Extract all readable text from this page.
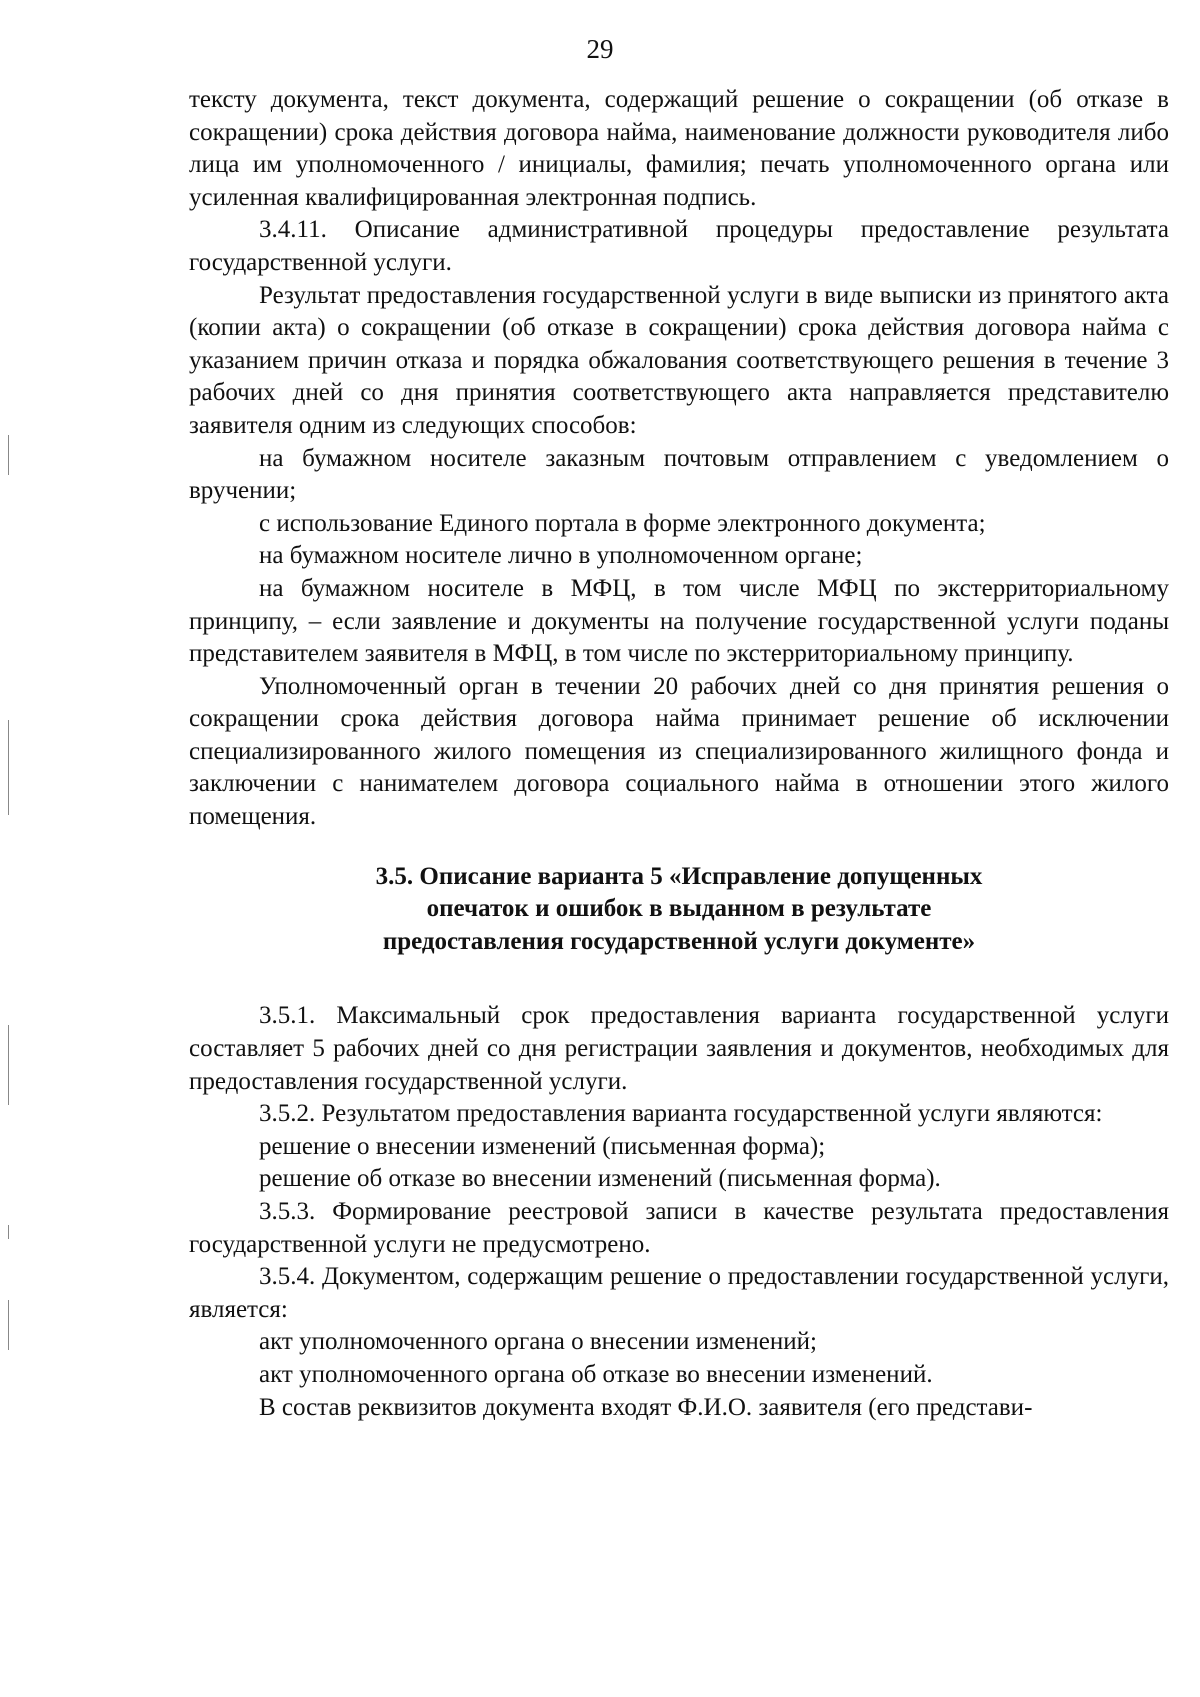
29

тексту документа, текст документа, содержащий решение о сокращении (об отказе в сокращении) срока действия договора найма, наименование должности руководителя либо лица им уполномоченного / инициалы, фамилия; печать уполномоченного органа или усиленная квалифицированная электронная подпись.

3.4.11. Описание административной процедуры предоставление результата государственной услуги.

Результат предоставления государственной услуги в виде выписки из принятого акта (копии акта) о сокращении (об отказе в сокращении) срока действия договора найма с указанием причин отказа и порядка обжалования соответствующего решения в течение 3 рабочих дней со дня принятия соответствующего акта направляется представителю заявителя одним из следующих способов:

на бумажном носителе заказным почтовым отправлением с уведомлением о вручении;

с использование Единого портала в форме электронного документа;

на бумажном носителе лично в уполномоченном органе;

на бумажном носителе в МФЦ, в том числе МФЦ по экстерриториальному принципу, – если заявление и документы на получение государственной услуги поданы представителем заявителя в МФЦ, в том числе по экстерриториальному принципу.

Уполномоченный орган в течении 20 рабочих дней со дня принятия решения о сокращении срока действия договора найма принимает решение об исключении специализированного жилого помещения из специализированного жилищного фонда и заключении с нанимателем договора социального найма в отношении этого жилого помещения.

3.5. Описание варианта 5 «Исправление допущенных
опечаток и ошибок в выданном в результате
предоставления государственной услуги документе»

3.5.1. Максимальный срок предоставления варианта государственной услуги составляет 5 рабочих дней со дня регистрации заявления и документов, необходимых для предоставления государственной услуги.

3.5.2. Результатом предоставления варианта государственной услуги являются:

решение о внесении изменений (письменная форма);

решение об отказе во внесении изменений (письменная форма).

3.5.3. Формирование реестровой записи в качестве результата предоставления государственной услуги не предусмотрено.

3.5.4. Документом, содержащим решение о предоставлении государственной услуги, является:

акт уполномоченного органа о внесении изменений;

акт уполномоченного органа об отказе во внесении изменений.

В состав реквизитов документа входят Ф.И.О. заявителя (его представи-
